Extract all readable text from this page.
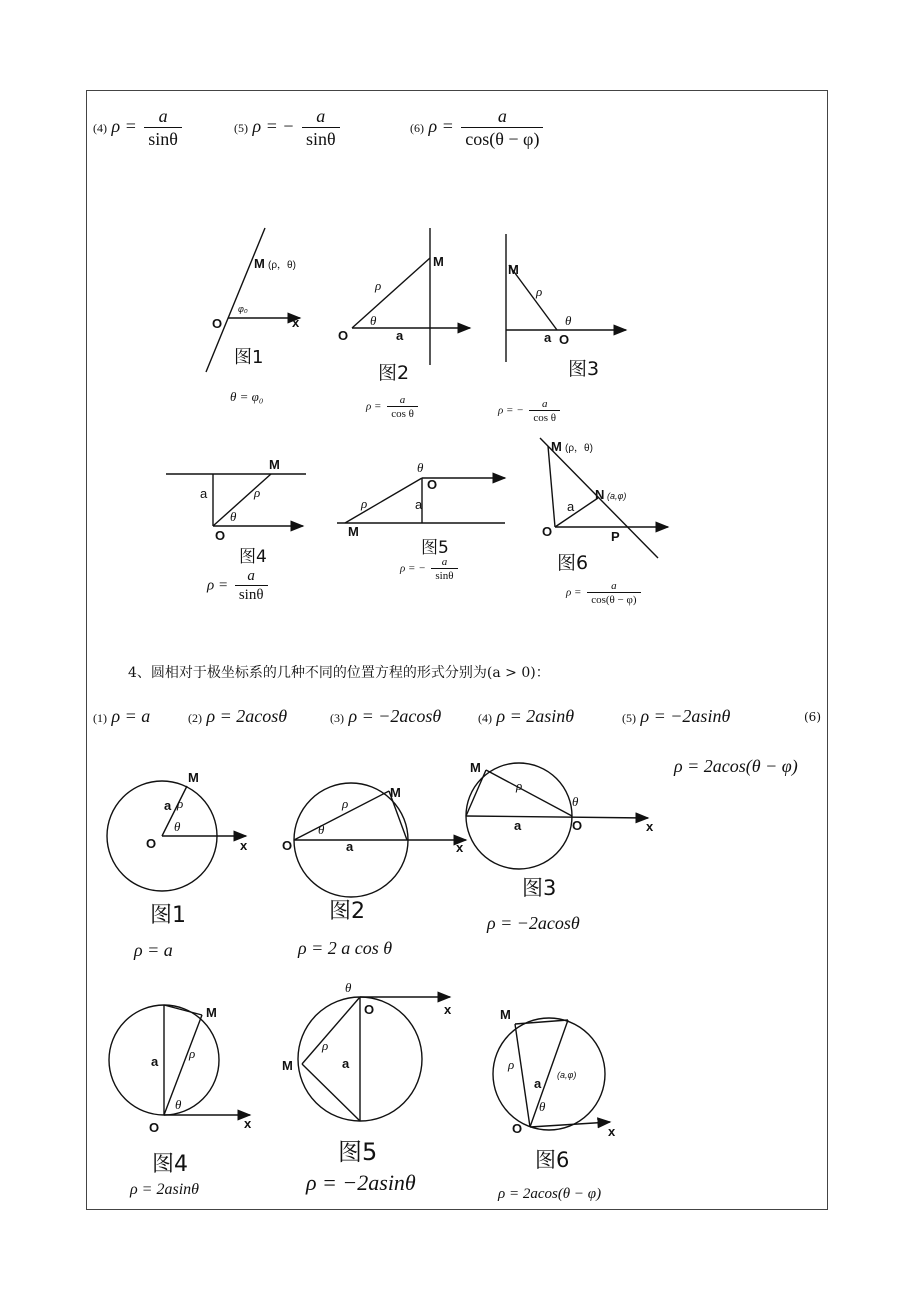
(4) $\rho = \frac{a}{\sin\theta}$	(5) ρ = − $\frac{a}{\sin\theta}$	(6) $\rho = \frac{a}{\cos(\theta - \varphi)}$
M (ρ，θ)
φ₀
O	x
M
ρ
θ
O	a
M
ρ
θ
a O
M
a	ρ
θ
O
θ
O
ρ	a
M
M (ρ，θ)
N (a,φ)
a
O	P
M
a ρ
θ
O	x
M
ρ
θ
O	a	x
M
ρ
θ
a	O	x
M
a
ρ
θ
O	x
θ
O	x
ρ
a
M
M
ρ
a
(a,φ)
θ
O	x
图1
θ = φ₀
图2
$\rho = \frac{a}{\text{cos θ}}$
图3
ρ = − $\frac{a}{\text{cos θ}}$
图4
$\rho = \frac{a}{\sin\theta}$
图5
ρ = − $\frac{a}{\sin\theta}$	图6
$\rho = \frac{a}{\cos(\theta - \varphi)}$
4、圆相对于极坐标系的几种不同的位置方程的形式分别为(a > 0)：
(1) ρ = a	(2) ρ = 2acosθ	(3) ρ = −2acosθ	(4) ρ = 2asinθ	(5) ρ = −2asinθ	(6)
ρ = 2acos(θ − φ)
图1
ρ = a
图2
ρ = 2 a cos θ
图3
ρ = −2acosθ
图4
ρ = 2asinθ
图5
ρ = −2asinθ
图6
ρ = 2acos(θ − φ)
